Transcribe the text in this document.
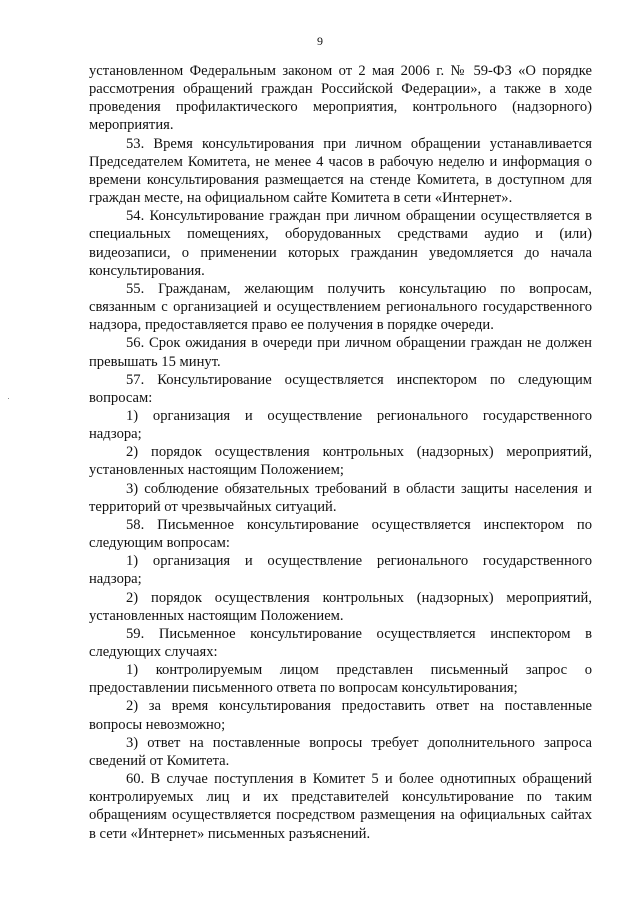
9

установленном Федеральным законом от 2 мая 2006 г. № 59-ФЗ «О порядке рассмотрения обращений граждан Российской Федерации», а также в ходе проведения профилактического мероприятия, контрольного (надзорного) мероприятия.

53. Время консультирования при личном обращении устанавливается Председателем Комитета, не менее 4 часов в рабочую неделю и информация о времени консультирования размещается на стенде Комитета, в доступном для граждан месте, на официальном сайте Комитета в сети «Интернет».

54. Консультирование граждан при личном обращении осуществляется в специальных помещениях, оборудованных средствами аудио и (или) видеозаписи, о применении которых гражданин уведомляется до начала консультирования.

55. Гражданам, желающим получить консультацию по вопросам, связанным с организацией и осуществлением регионального государственного надзора, предоставляется право ее получения в порядке очереди.

56. Срок ожидания в очереди при личном обращении граждан не должен превышать 15 минут.

57. Консультирование осуществляется инспектором по следующим вопросам:

1) организация и осуществление регионального государственного надзора;

2) порядок осуществления контрольных (надзорных) мероприятий, установленных настоящим Положением;

3) соблюдение обязательных требований в области защиты населения и территорий от чрезвычайных ситуаций.

58. Письменное консультирование осуществляется инспектором по следующим вопросам:

1) организация и осуществление регионального государственного надзора;

2) порядок осуществления контрольных (надзорных) мероприятий, установленных настоящим Положением.

59. Письменное консультирование осуществляется инспектором в следующих случаях:

1) контролируемым лицом представлен письменный запрос о предоставлении письменного ответа по вопросам консультирования;

2) за время консультирования предоставить ответ на поставленные вопросы невозможно;

3) ответ на поставленные вопросы требует дополнительного запроса сведений от Комитета.

60. В случае поступления в Комитет 5 и более однотипных обращений контролируемых лиц и их представителей консультирование по таким обращениям осуществляется посредством размещения на официальных сайтах в сети «Интернет» письменных разъяснений.
